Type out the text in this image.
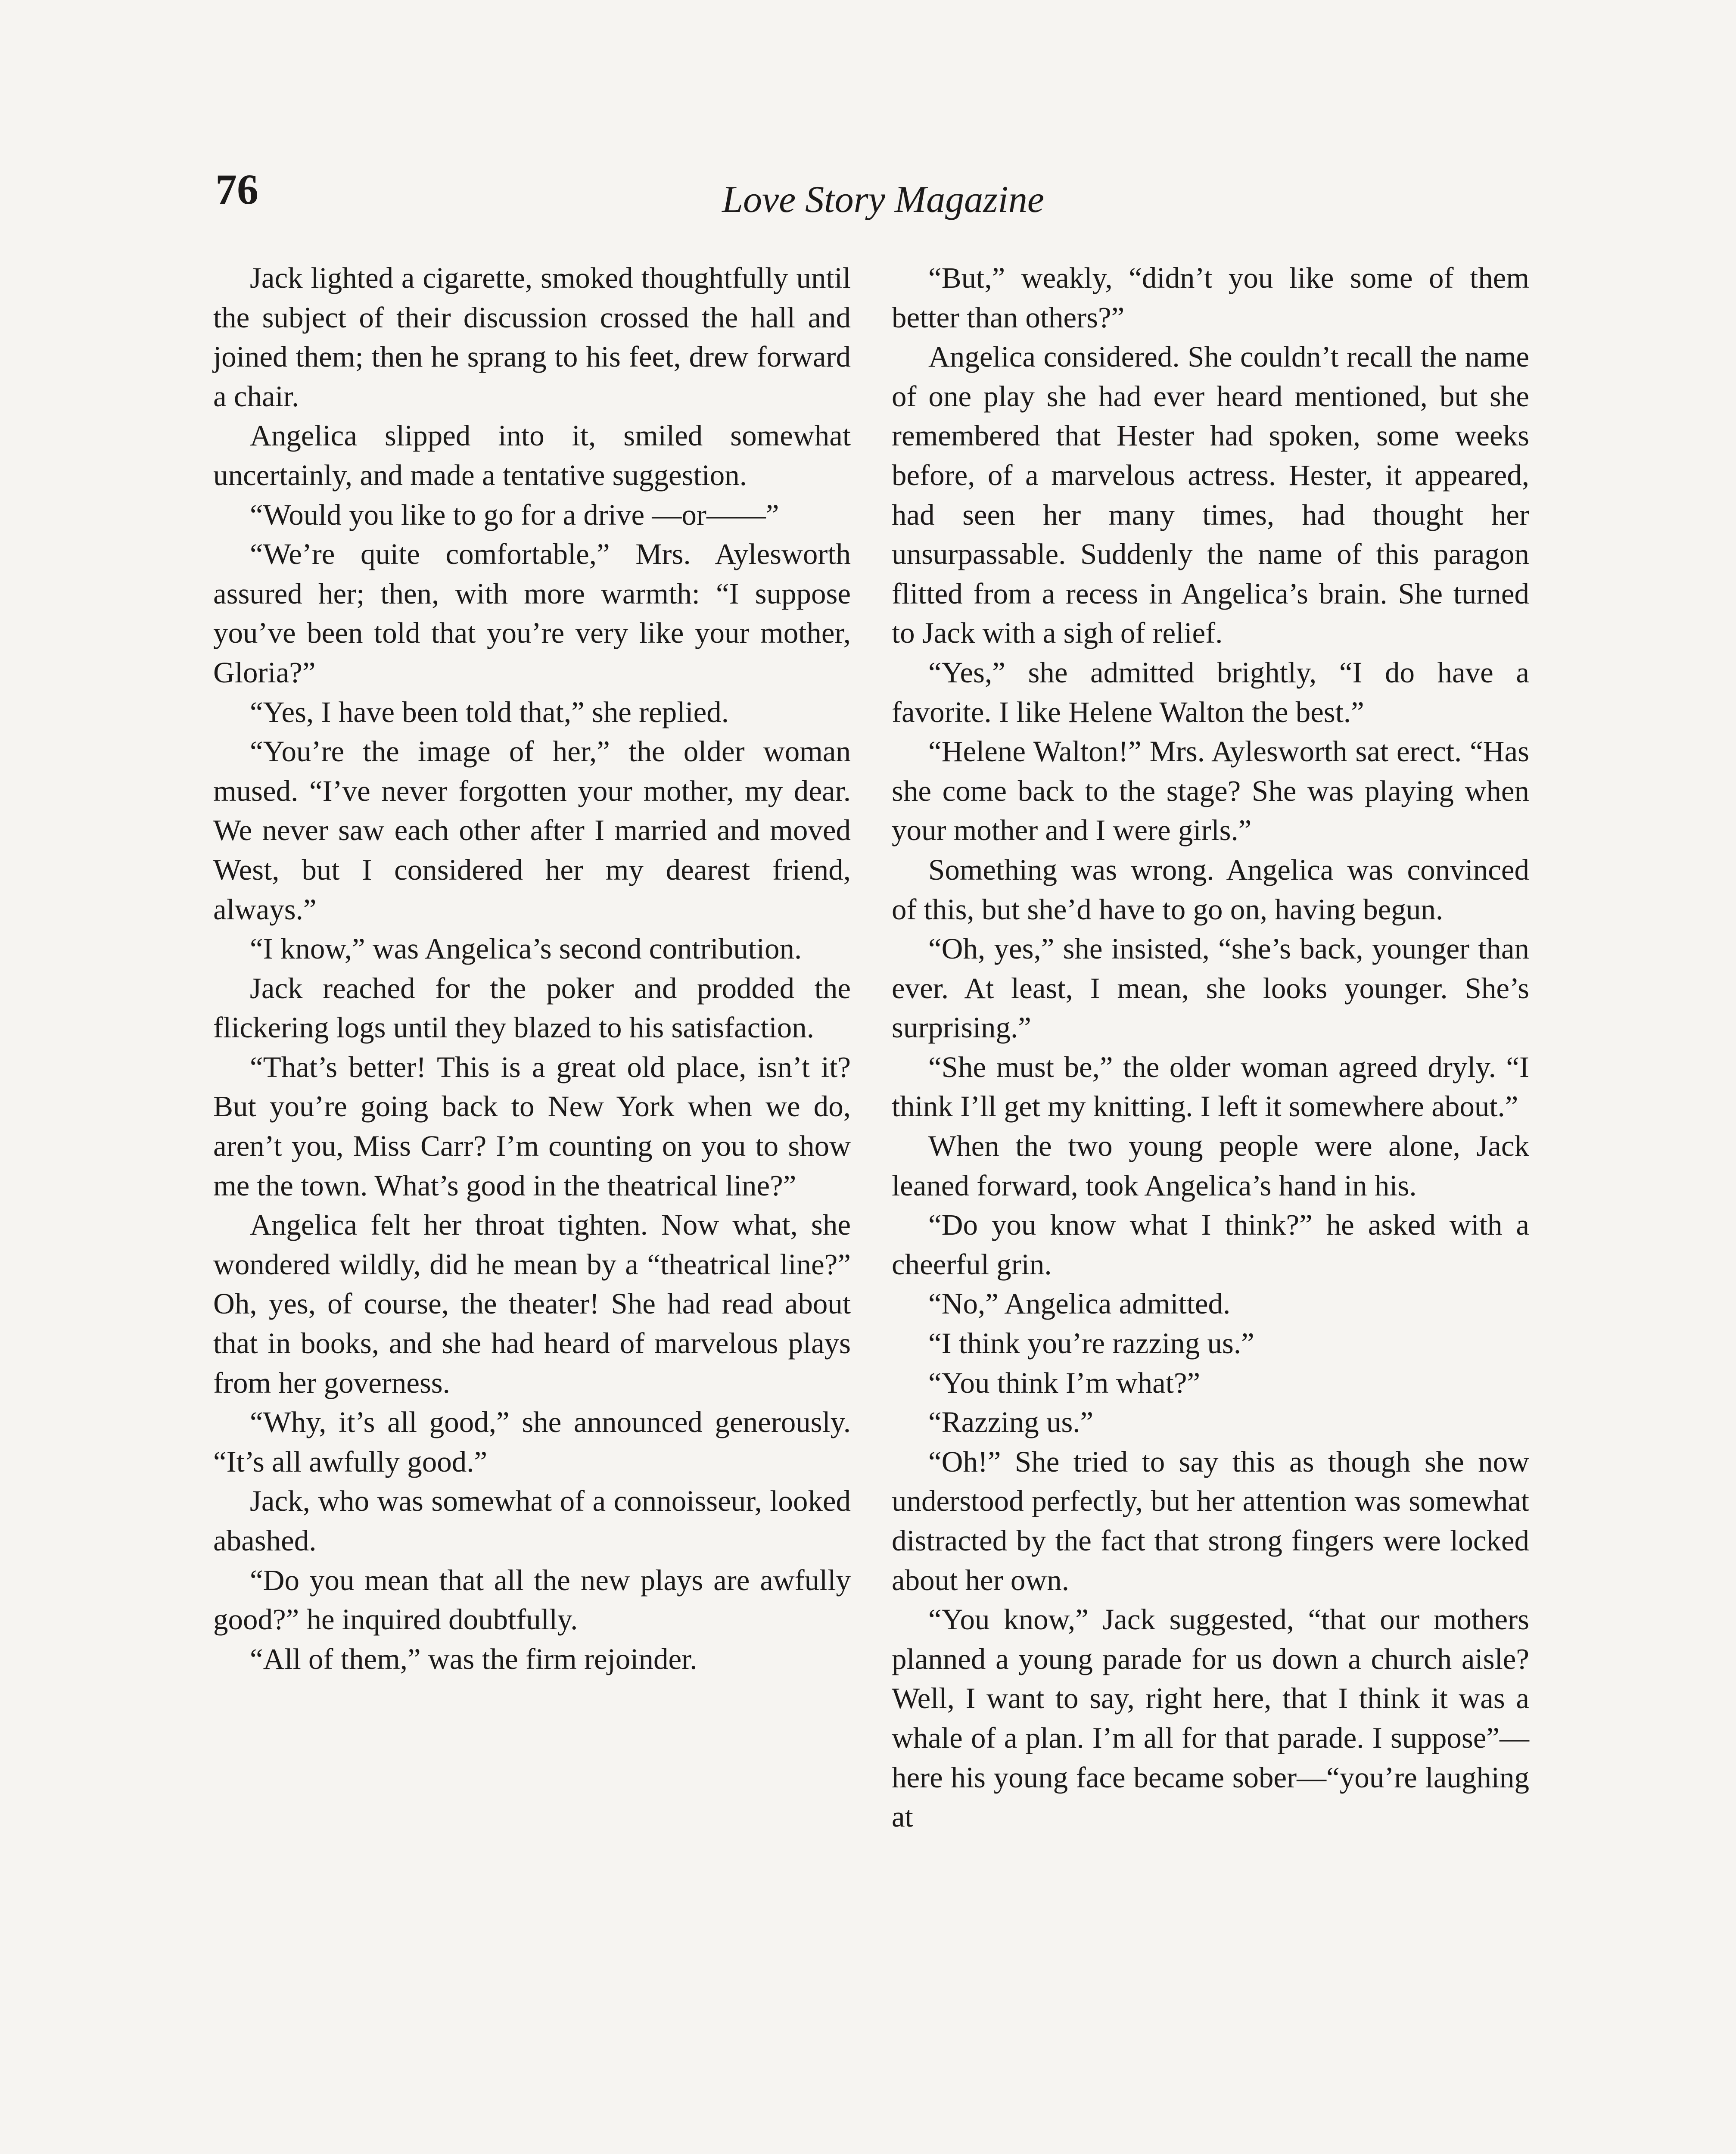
76	Love Story Magazine

Jack lighted a cigarette, smoked thoughtfully until the subject of their discussion crossed the hall and joined them; then he sprang to his feet, drew forward a chair.

Angelica slipped into it, smiled somewhat uncertainly, and made a tentative suggestion.

“Would you like to go for a drive —or——”

“We’re quite comfortable,” Mrs. Aylesworth assured her; then, with more warmth: “I suppose you’ve been told that you’re very like your mother, Gloria?”

“Yes, I have been told that,” she replied.

“You’re the image of her,” the older woman mused. “I’ve never forgotten your mother, my dear. We never saw each other after I married and moved West, but I considered her my dearest friend, always.”

“I know,” was Angelica’s second contribution.

Jack reached for the poker and prodded the flickering logs until they blazed to his satisfaction.

“That’s better! This is a great old place, isn’t it? But you’re going back to New York when we do, aren’t you, Miss Carr? I’m counting on you to show me the town. What’s good in the theatrical line?”

Angelica felt her throat tighten. Now what, she wondered wildly, did he mean by a “theatrical line?” Oh, yes, of course, the theater! She had read about that in books, and she had heard of marvelous plays from her governess.

“Why, it’s all good,” she announced generously. “It’s all awfully good.”

Jack, who was somewhat of a connoisseur, looked abashed.

“Do you mean that all the new plays are awfully good?” he inquired doubtfully.

“All of them,” was the firm rejoinder.

“But,” weakly, “didn’t you like some of them better than others?”

Angelica considered. She couldn’t recall the name of one play she had ever heard mentioned, but she remembered that Hester had spoken, some weeks before, of a marvelous actress. Hester, it appeared, had seen her many times, had thought her unsurpassable. Suddenly the name of this paragon flitted from a recess in Angelica’s brain. She turned to Jack with a sigh of relief.

“Yes,” she admitted brightly, “I do have a favorite. I like Helene Walton the best.”

“Helene Walton!” Mrs. Aylesworth sat erect. “Has she come back to the stage? She was playing when your mother and I were girls.”

Something was wrong. Angelica was convinced of this, but she’d have to go on, having begun.

“Oh, yes,” she insisted, “she’s back, younger than ever. At least, I mean, she looks younger. She’s surprising.”

“She must be,” the older woman agreed dryly. “I think I’ll get my knitting. I left it somewhere about.”

When the two young people were alone, Jack leaned forward, took Angelica’s hand in his.

“Do you know what I think?” he asked with a cheerful grin.

“No,” Angelica admitted.

“I think you’re razzing us.”

“You think I’m what?”

“Razzing us.”

“Oh!” She tried to say this as though she now understood perfectly, but her attention was somewhat distracted by the fact that strong fingers were locked about her own.

“You know,” Jack suggested, “that our mothers planned a young parade for us down a church aisle? Well, I want to say, right here, that I think it was a whale of a plan. I’m all for that parade. I suppose”—here his young face became sober—“you’re laughing at
